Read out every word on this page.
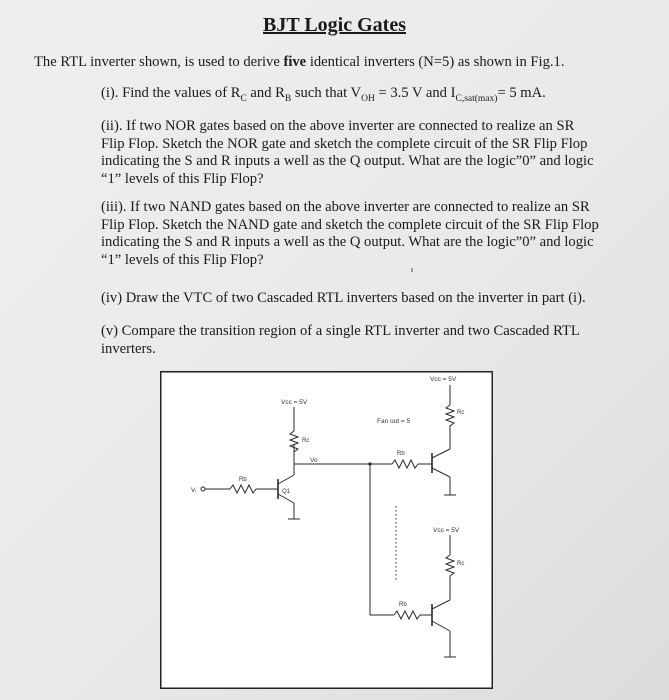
BJT Logic Gates
The RTL inverter shown, is used to derive five identical inverters (N=5) as shown in Fig.1.
(i). Find the values of $R_C$ and $R_B$ such that $V_{OH} = 3.5$ V and $I_{C,sat(max)}= 5$ mA.

(ii). If two NOR gates based on the above inverter are connected to realize an SR Flip Flop. Sketch the NOR gate and sketch the complete circuit of the SR Flip Flop indicating the S and R inputs a well as the Q output. What are the logic”0” and logic “1” levels of this Flip Flop?

(iii). If two NAND gates based on the above inverter are connected to realize an SR Flip Flop. Sketch the NAND gate and sketch the complete circuit of the SR Flip Flop indicating the S and R inputs a well as the Q output. What are the logic”0” and logic “1” levels of this Flip Flop?

(iv) Draw the VTC of two Cascaded RTL inverters based on the inverter in part (i).

(v) Compare the transition region of a single RTL inverter and two Cascaded RTL inverters.

Vcc = 5V
Rc
Vo
Vᵢ
Rb
Q1
Fan out = 5
Vcc = 5V
Rc
Rb
Vcc = 5V
Rc
Rb
